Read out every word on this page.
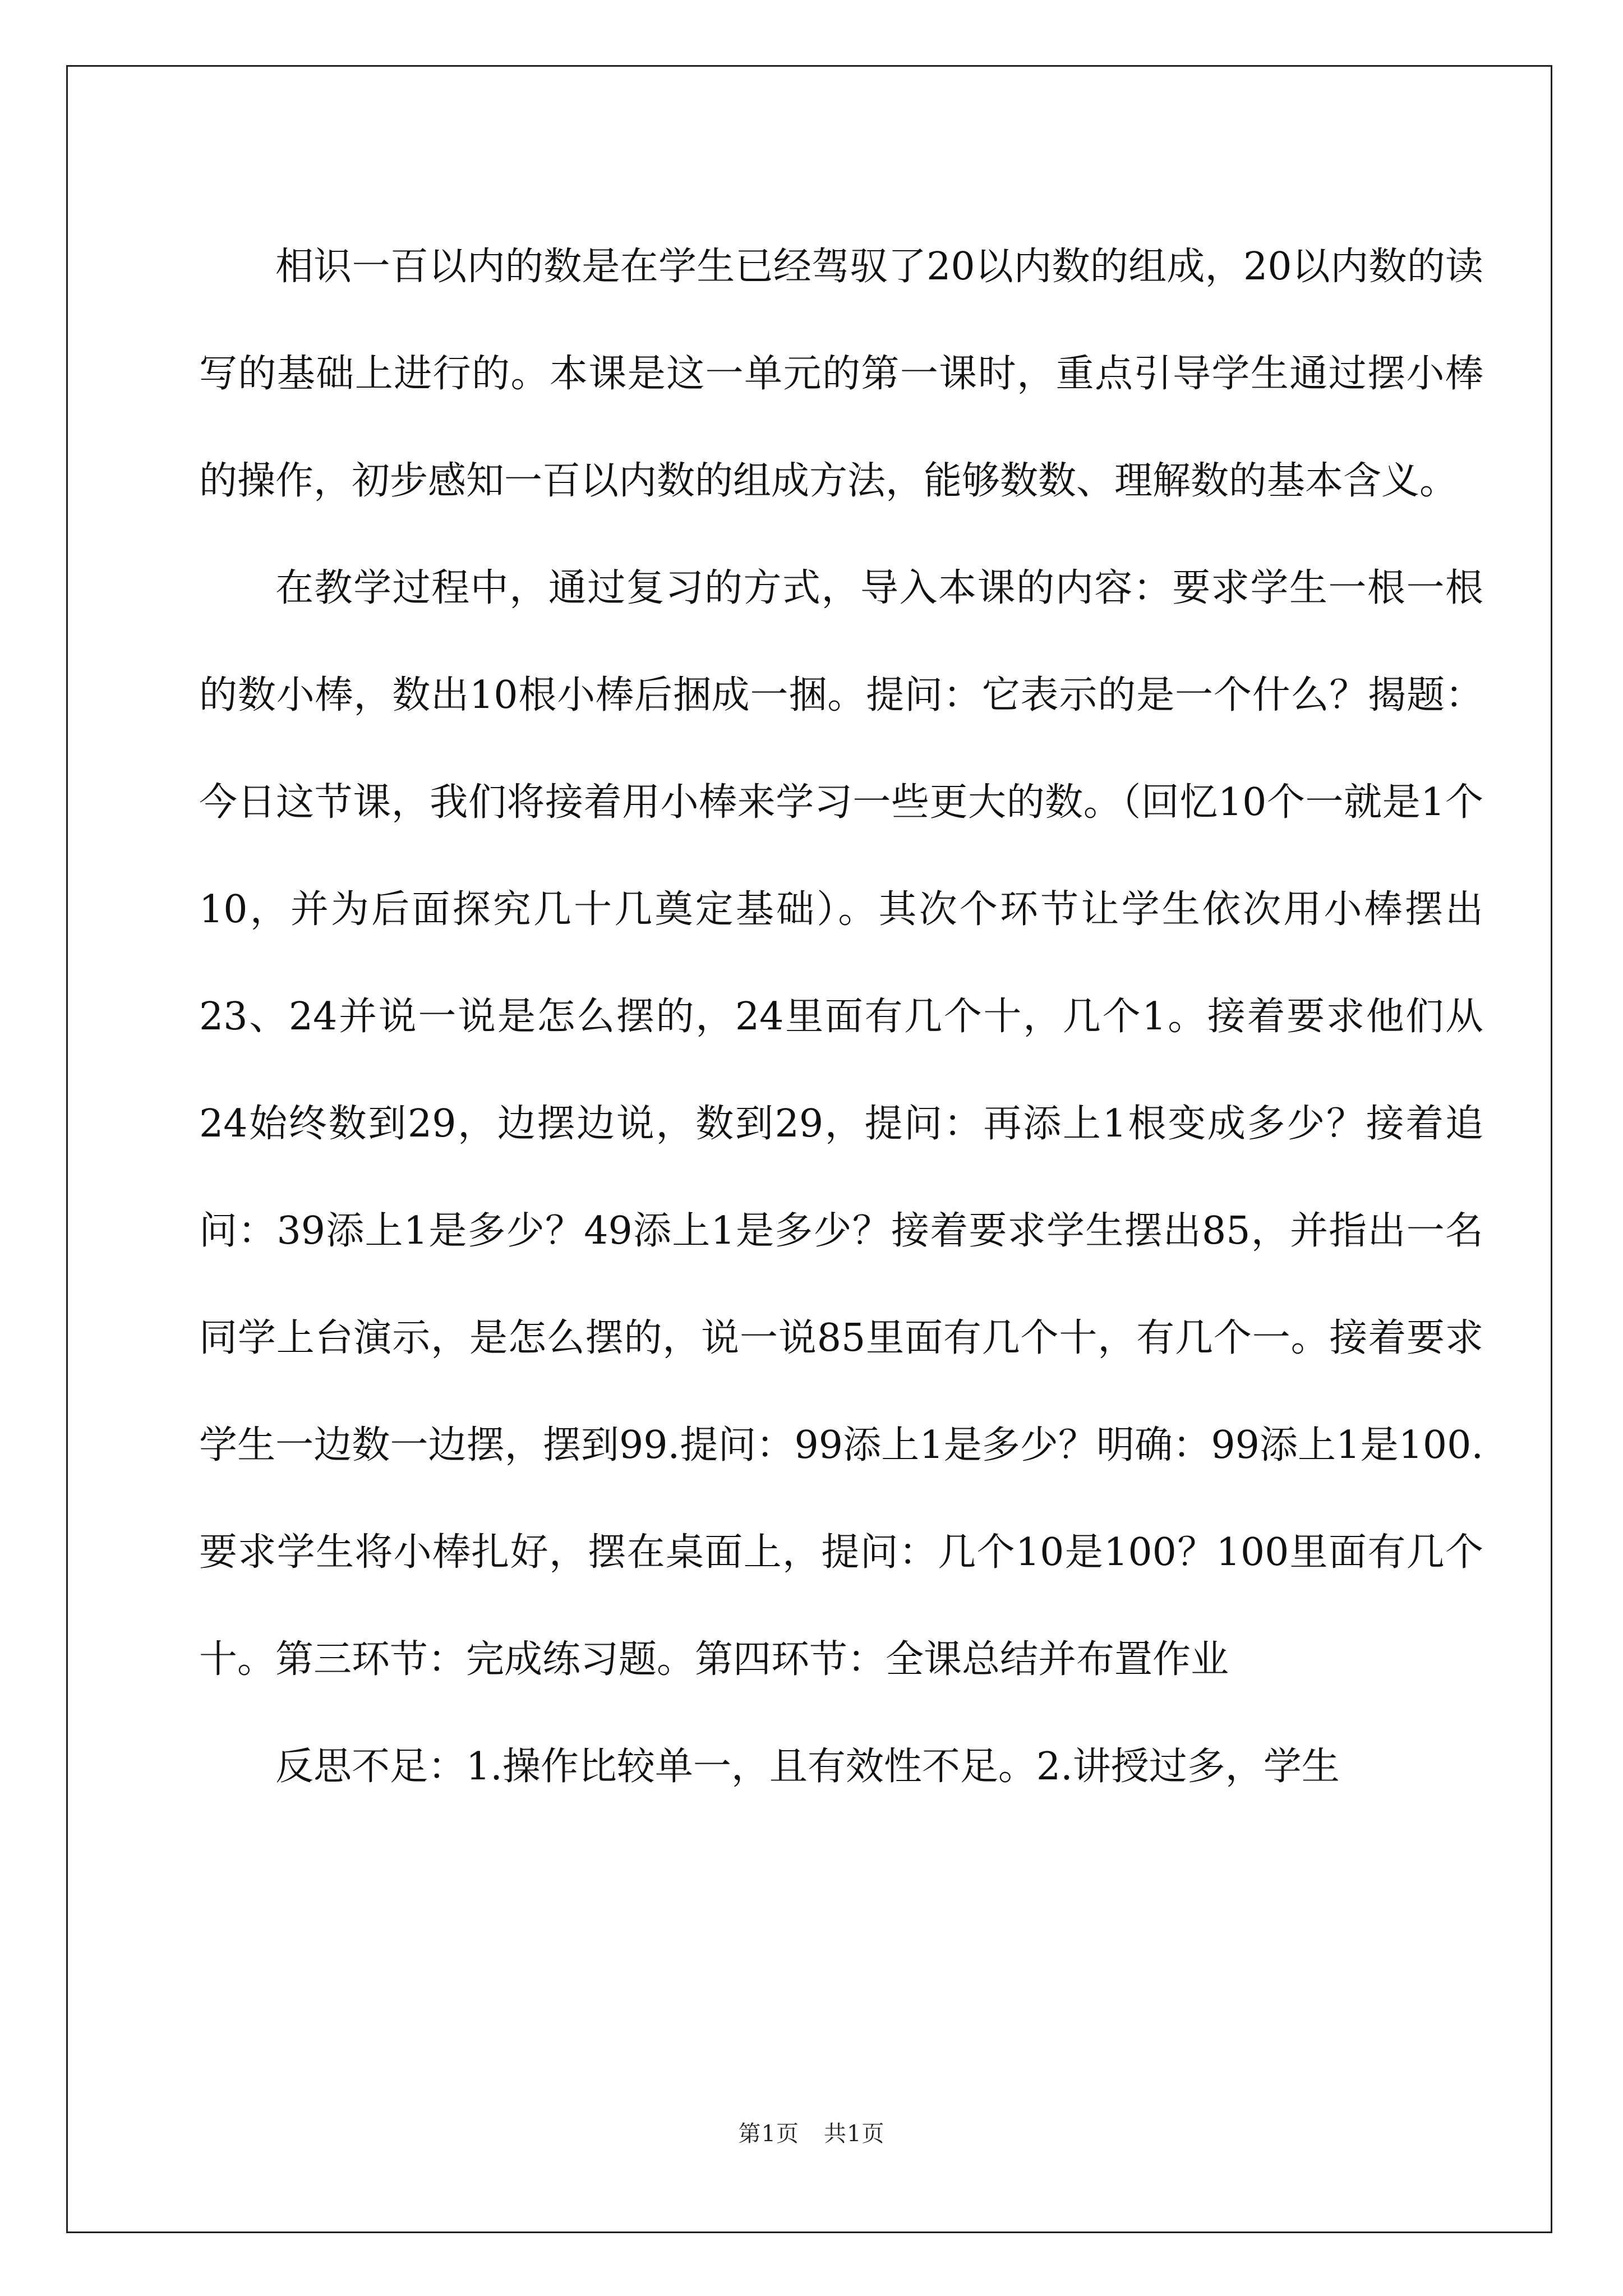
相识一百以内的数是在学生已经驾驭了20以内数的组成，20以内数的读写的基础上进行的。本课是这一单元的第一课时，重点引导学生通过摆小棒的操作，初步感知一百以内数的组成方法，能够数数、理解数的基本含义。

在教学过程中，通过复习的方式，导入本课的内容：要求学生一根一根的数小棒，数出10根小棒后捆成一捆。提问：它表示的是一个什么？揭题：今日这节课，我们将接着用小棒来学习一些更大的数。（回忆10个一就是1个10，并为后面探究几十几奠定基础）。其次个环节让学生依次用小棒摆出23、24并说一说是怎么摆的，24里面有几个十，几个1。接着要求他们从24始终数到29，边摆边说，数到29，提问：再添上1根变成多少？接着追问：39添上1是多少？49添上1是多少？接着要求学生摆出85，并指出一名同学上台演示，是怎么摆的，说一说85里面有几个十，有几个一。接着要求学生一边数一边摆，摆到99.提问：99添上1是多少？明确：99添上1是100.要求学生将小棒扎好，摆在桌面上，提问：几个10是100？100里面有几个十。第三环节：完成练习题。第四环节：全课总结并布置作业

反思不足：1.操作比较单一，且有效性不足。2.讲授过多，学生

第1页 共1页
